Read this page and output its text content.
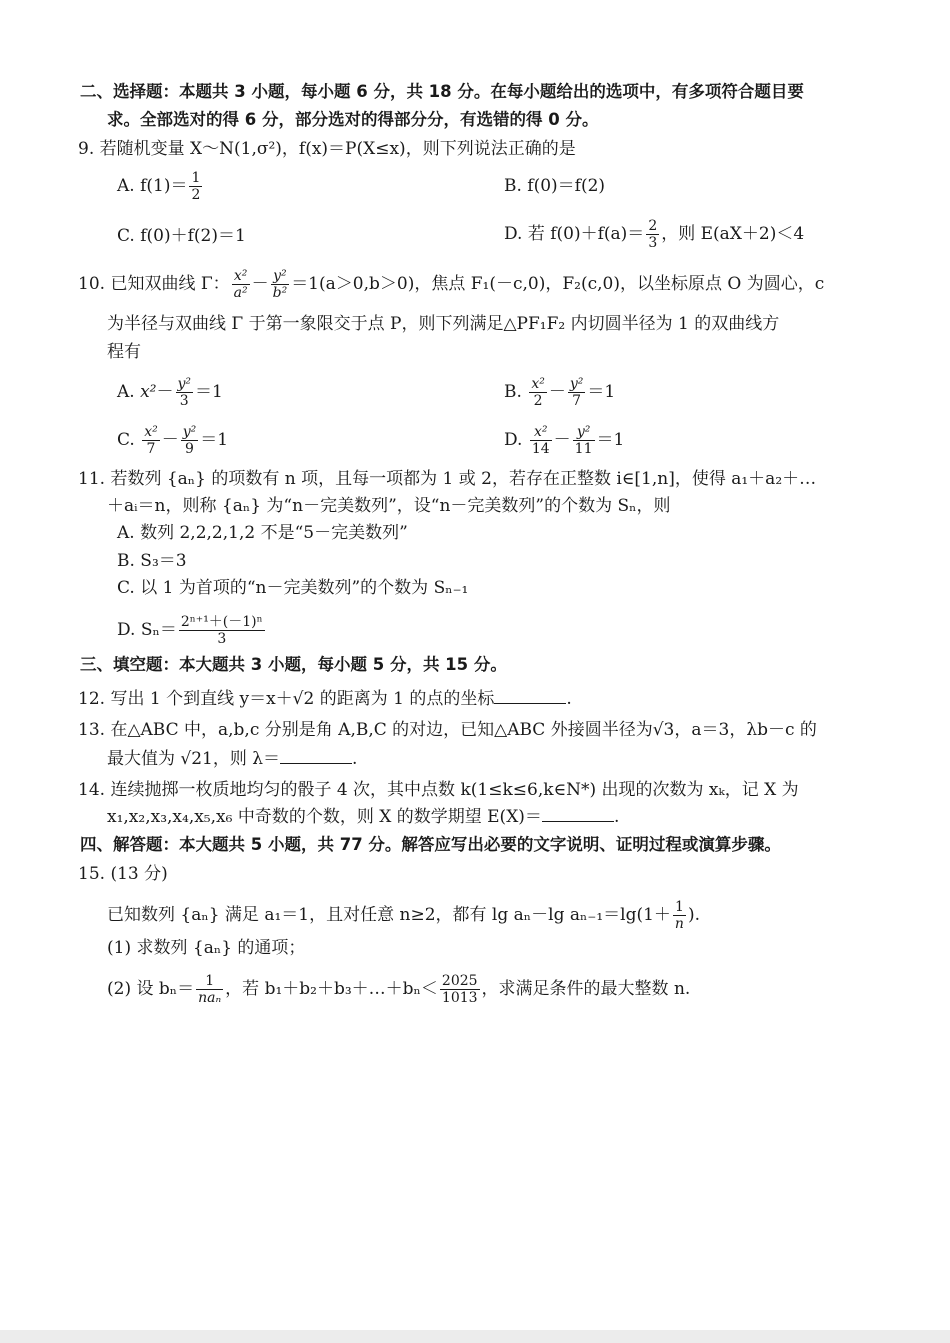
二、选择题：本题共 3 小题，每小题 6 分，共 18 分。在每小题给出的选项中，有多项符合题目要
求。全部选对的得 6 分，部分选对的得部分分，有选错的得 0 分。
9. 若随机变量 X～N(1,σ²)，f(x)＝P(X≤x)，则下列说法正确的是
A. $f(1)= \frac{1}{2}$	B. f(0)＝f(2)
C. f(0)＋f(2)＝1	D. 若 $f(0)+f(a)= \frac{2}{3}$ ，则 E(aX＋2)＜4
10. 已知双曲线 Γ： $\frac{\text{x²}}{\text{a²}} - \frac{\text{y²}}{\text{b²}} =1(a>0,b>0)$，焦点 F₁(－c,0)，F₂(c,0)，以坐标原点 O 为圆心，c
为半径与双曲线 Γ 于第一象限交于点 P，则下列满足△PF₁F₂ 内切圆半径为 1 的双曲线方
程有
A. $x^2- \frac{\text{y²}}{3} =1$	B. $\frac{\text{x²}}{2} - \frac{\text{y²}}{7} =1$
C. $\frac{\text{x²}}{7} - \frac{\text{y²}}{9} =1$	D. $\frac{\text{x²}}{14} - \frac{\text{y²}}{11} =1$
11. 若数列 {aₙ} 的项数有 n 项，且每一项都为 1 或 2，若存在正整数 i∈[1,n]，使得 a₁＋a₂＋…
＋aᵢ＝n，则称 {aₙ} 为“n－完美数列”，设“n－完美数列”的个数为 Sₙ，则
A. 数列 2,2,2,1,2 不是“5－完美数列”
B. S₃＝3
C. 以 1 为首项的“n－完美数列”的个数为 Sₙ₋₁
D. $S_n= \frac{\text{2ⁿ⁺¹＋(－1)ⁿ}}{3}$
三、填空题：本大题共 3 小题，每小题 5 分，共 15 分。
12. 写出 1 个到直线 y＝x＋√2 的距离为 1 的点的坐标	.
13. 在△ABC 中，a,b,c 分别是角 A,B,C 的对边，已知△ABC 外接圆半径为√3，a＝3，λb－c 的
最大值为 √21，则 λ＝	.
14. 连续抛掷一枚质地均匀的骰子 4 次，其中点数 k(1≤k≤6,k∈N*) 出现的次数为 xₖ，记 X 为
x₁,x₂,x₃,x₄,x₅,x₆ 中奇数的个数，则 X 的数学期望 E(X)＝	.
四、解答题：本大题共 5 小题，共 77 分。解答应写出必要的文字说明、证明过程或演算步骤。
15. (13 分)
已知数列 {aₙ} 满足 a₁＝1，且对任意 n≥2，都有 lg aₙ－lg $a_{n-1}=\lg(1+ \frac{1}{n}$ ).
(1) 求数列 {aₙ} 的通项；
(2) 设 $b_n= \frac{1}{\text{naₙ}}$ ，若 b₁＋b₂＋b₃＋…＋bₙ＜ $\frac{2025}{1013}$ ，求满足条件的最大整数 n.
